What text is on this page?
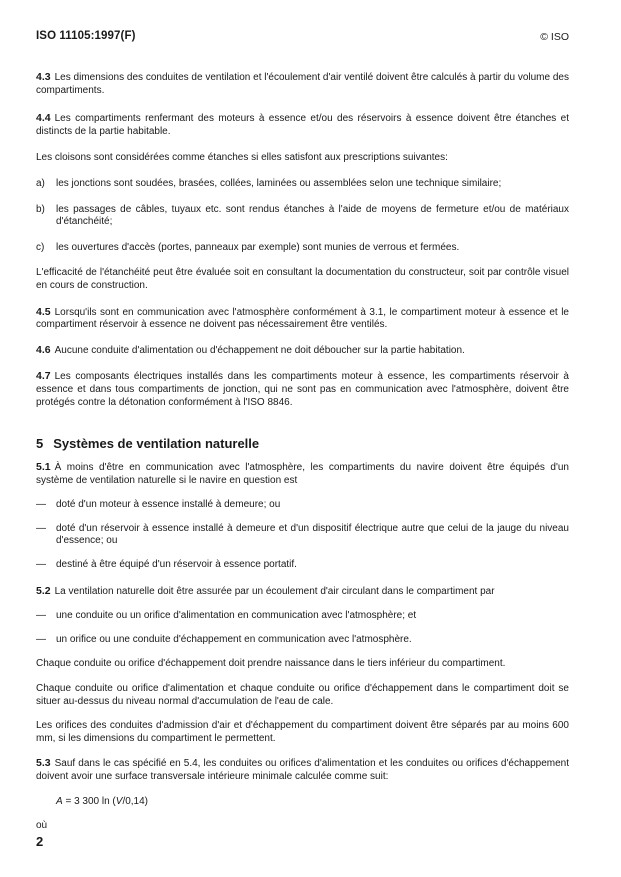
ISO 11105:1997(F)	© ISO

4.3 Les dimensions des conduites de ventilation et l'écoulement d'air ventilé doivent être calculés à partir du volume des compartiments.

4.4 Les compartiments renfermant des moteurs à essence et/ou des réservoirs à essence doivent être étanches et distincts de la partie habitable.

Les cloisons sont considérées comme étanches si elles satisfont aux prescriptions suivantes:

a) les jonctions sont soudées, brasées, collées, laminées ou assemblées selon une technique similaire;
b) les passages de câbles, tuyaux etc. sont rendus étanches à l'aide de moyens de fermeture et/ou de matériaux d'étanchéité;
c) les ouvertures d'accès (portes, panneaux par exemple) sont munies de verrous et fermées.

L'efficacité de l'étanchéité peut être évaluée soit en consultant la documentation du constructeur, soit par contrôle visuel en cours de construction.

4.5 Lorsqu'ils sont en communication avec l'atmosphère conformément à 3.1, le compartiment moteur à essence et le compartiment réservoir à essence ne doivent pas nécessairement être ventilés.

4.6 Aucune conduite d'alimentation ou d'échappement ne doit déboucher sur la partie habitation.

4.7 Les composants électriques installés dans les compartiments moteur à essence, les compartiments réservoir à essence et dans tous compartiments de jonction, qui ne sont pas en communication avec l'atmosphère, doivent être protégés contre la détonation conformément à l'ISO 8846.

5 Systèmes de ventilation naturelle

5.1 À moins d'être en communication avec l'atmosphère, les compartiments du navire doivent être équipés d'un système de ventilation naturelle si le navire en question est

— doté d'un moteur à essence installé à demeure; ou
— doté d'un réservoir à essence installé à demeure et d'un dispositif électrique autre que celui de la jauge du niveau d'essence; ou
— destiné à être équipé d'un réservoir à essence portatif.

5.2 La ventilation naturelle doit être assurée par un écoulement d'air circulant dans le compartiment par

— une conduite ou un orifice d'alimentation en communication avec l'atmosphère; et
— un orifice ou une conduite d'échappement en communication avec l'atmosphère.

Chaque conduite ou orifice d'échappement doit prendre naissance dans le tiers inférieur du compartiment.

Chaque conduite ou orifice d'alimentation et chaque conduite ou orifice d'échappement dans le compartiment doit se situer au-dessus du niveau normal d'accumulation de l'eau de cale.

Les orifices des conduites d'admission d'air et d'échappement du compartiment doivent être séparés par au moins 600 mm, si les dimensions du compartiment le permettent.

5.3 Sauf dans le cas spécifié en 5.4, les conduites ou orifices d'alimentation et les conduites ou orifices d'échappement doivent avoir une surface transversale intérieure minimale calculée comme suit:

A = 3 300 ln (V/0,14)

où

2
